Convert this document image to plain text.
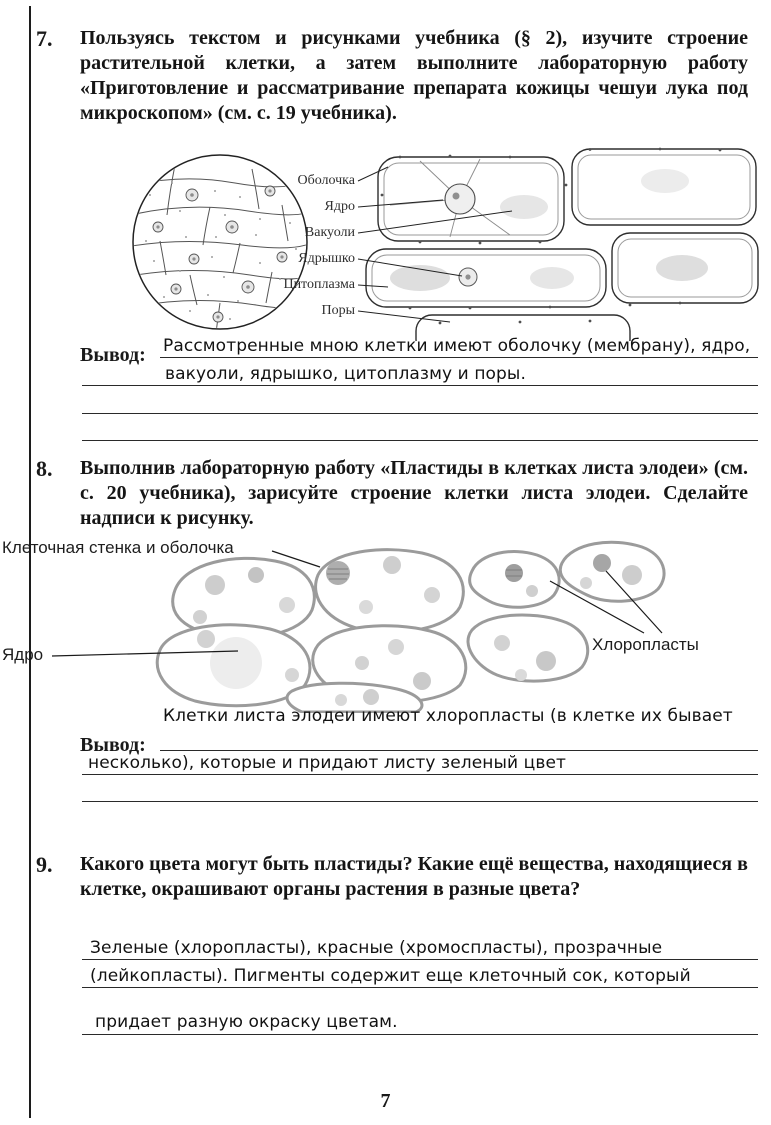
7. Пользуясь текстом и рисунками учебника (§ 2), изучите строение растительной клетки, а затем выполните лабораторную работу «Приготовление и рассматривание препарата кожицы чешуи лука под микроскопом» (см. с. 19 учебника).
Оболочка
Ядро
Вакуоли
Ядрышко
Цитоплазма
Поры
Вывод: Рассмотренные мною клетки имеют оболочку (мембрану), ядро,
вакуоли, ядрышко, цитоплазму и поры.
8. Выполнив лабораторную работу «Пластиды в клетках листа элодеи» (см. с. 20 учебника), зарисуйте строение клетки листа элодеи. Сделайте надписи к рисунку.
Клеточная стенка и оболочка
Ядро
Хлоропласты
Клетки листа элодеи имеют хлоропласты (в клетке их бывает
Вывод:
несколько), которые и придают листу зеленый цвет
9. Какого цвета могут быть пластиды? Какие ещё вещества, находящиеся в клетке, окрашивают органы растения в разные цвета?
Зеленые (хлоропласты), красные (хромоспласты), прозрачные
(лейкопласты). Пигменты содержит еще клеточный сок, который
придает разную окраску цветам.
7
